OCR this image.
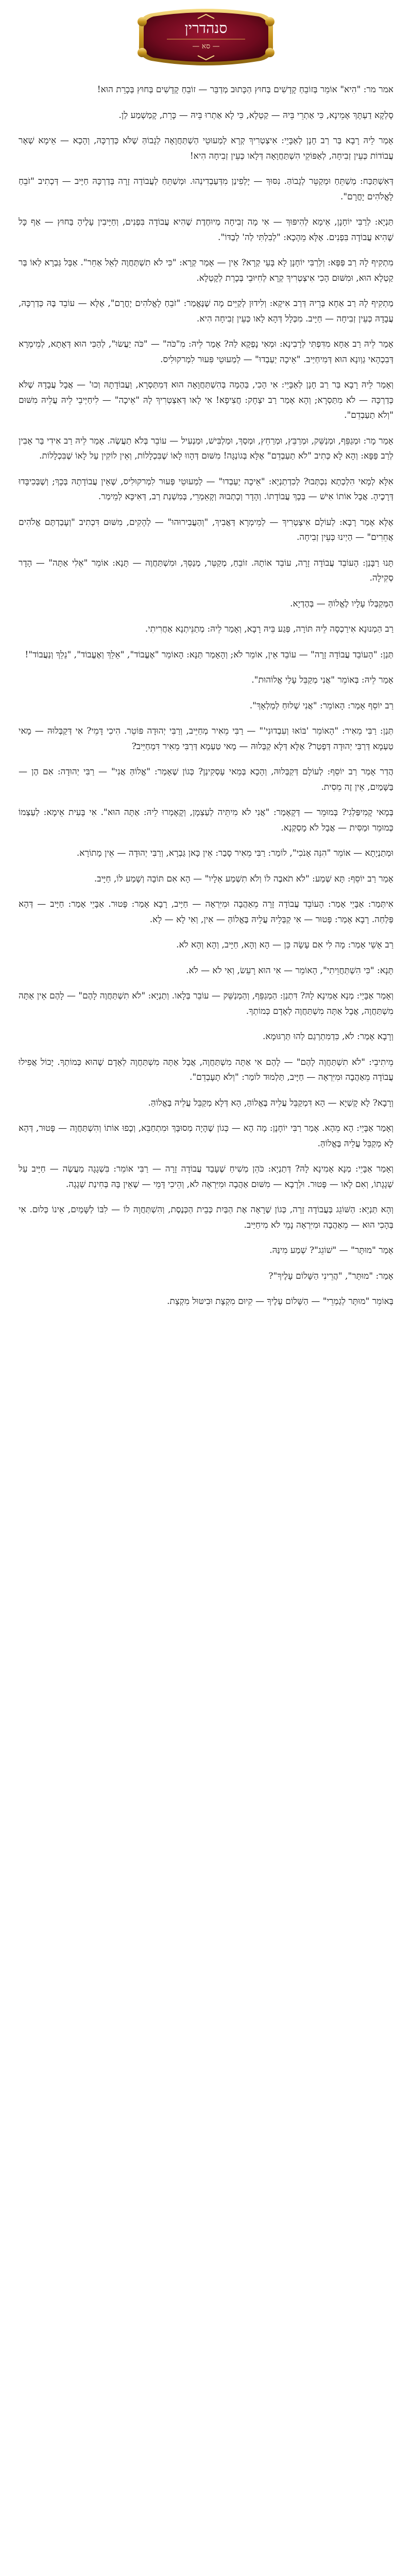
סנהדרין
— סא —

אמר מר: "הִיא" אוֹמֵר בְּזוֹבֵחַ קָדָשִׁים בְּחוּץ הַכָּתוּב מְדַבֵּר — זוֹבֵחַ קָדָשִׁים בְּחוּץ בְּכָרֵת הוּא!

סָלְקָא דַעְתָּךְ אָמֵינָא, כִּי אַתְרֵי בֵּיהּ — קַטְלָא, כִּי לָא אַתְרוּ בֵּיהּ — כָּרֵת, קָמַשְׁמַע לַן.

אָמַר לֵיהּ רָבָא בַּר רַב חָנָן לְאַבָּיֵי: אִיצְטְרִיךְ קְרָא לְמַעוּטֵי הַשְׁתַּחֲוָאָה לְגָבוֹהַּ שֶׁלֹּא כְּדַרְכָּהּ, וְהָכָא — אֵימָא שְׁאָר עֲבוֹדוֹת כְּעֵין זְבִיחָה, לְאַפּוֹקֵי הִשְׁתַּחֲוָאָה דְּלָאו כְּעֵין זְבִיחָה הִיא!

דְּאִשְׁתַּכַּח: מְשַׁתֵּחַ וּמְקַטֵּר לְגָבוֹהַּ. נִסּוּךְ — יָלְפִינַן מִדְּעַבְדִינְהוּ. וּמְשַׁתֵּחַ לְעֲבוֹדָה זָרָה בְּדַרְכָּהּ חַיָּיב — דְּכְתִיב "זֹבֵחַ לָאֱלֹהִים יָחֳרָם".

תַּנְיָא: לְרַבִּי יוֹחָנָן, אֵימָא לְהִיפּוּךְ — אִי מָה זְבִיחָה מְיוּחֶדֶת שֶׁהִיא עֲבוֹדָה בִּפְנִים, וְחַיָּיבִין עָלֶיהָ בַּחוּץ — אַף כָּל שֶׁהִיא עֲבוֹדָה בִּפְנִים. אֶלָּא מֵהָכָא: "לְבִלְתִּי לַה' לְבַדּוֹ".

מִתְקִיף לָהּ רַב פַּפָּא: וְלַרַבִּי יוֹחָנָן לָא בָּעֵי קְרָא? אֵין — אָמַר קְרָא: "כִּי לֹא תִשְׁתַּחֲוֶה לְאֵל אַחֵר". אַבָּל גַּבְרָא לְאוֹ בַּר קַטְלָא הוּא, וּמִשּׁוּם הָכִי אִיצְטְרִיךְ קְרָא לְחִיּוּבֵי בְּכָרֵת לְקָטְלָא.

מַתְקִיף לָהּ רַב אַחָא בְּרֵיהּ דְּרַב אִיקָא: וְלִידוּן לְקַיֵּים מָה שֶׁנֶּאֱמַר: "זֹבֵחַ לָאֱלֹהִים יָחֳרָם", אֶלָּא — עוֹבֵד בֶּהּ כְּדַרְכָּהּ, עֲבָדָהּ כְּעֵין זְבִיחָה — חַיָּיב. מִכְּלָל דְּהָא לָאו כְּעֵין זְבִיחָה הִיא.

אָמַר לֵיהּ רַב אַחָא מִדִּפְתִּי לְרָבִינָא: וּמְאִי נָפְקָא לַהּ? אָמַר לֵיהּ: מִ"כֹּה" — "כֹּה יַעֲשׂוּ", לְהַכִּי הוּא דְּאָתָא, לְמֵימְרָא דְּבִכְהָאי גַוְונָא הוּא דְּמִיחַיַּיב. "אֵיכָה יַעַבְדוּ" — לְמַעוּטֵי פִּעוּר לִמְרקוּלִיס.

וְאָמַר לֵיהּ רָבָא בַּר רַב חָנָן לְאַבָּיֵי: אִי הָכִי, בַּהֶמָה בְּהִשְׁתַּחֲוָאָה הוּא דְּמִתַּסְרָא, וַעֲבוֹדָתָהּ וְכוּ' — אֲבָל עֲבָדָהּ שֶׁלֹּא כְּדַרְכָּהּ — לֹא מִתַּסְרָא; וְהָא אָמַר רַב יִצְחָק: חֲצִיפָא! אִי לָאו דְּאִצְטְרִיךְ לָהּ "אֵיכָה" — לִיחַיְּיבֵי לֵיהּ עֲלֵיהּ מִשּׁוּם "וְלֹא תַעַבְדֵם".

אָמַר מָר: וּמְגַפֵּף, וּמְנַשֵּׁק, וּמְרַבֵּץ, וּמְרַחֵץ, וּמְסַךְ, וּמַלְבִּישׁ, וּמַנְעִיל — עוֹבֵר בְּלֹא תַעֲשֶׂה. אָמַר לֵיהּ רַב אִידִי בַּר אָבִין לְרַב פַּפָּא: וְהָא לָא כְּתִיב "לֹא תַעַבְדֵם" אֶלָּא בְּגוֹנְגָּה! מִשּׁוּם דְּהָווּ לָאוֹ שֶׁבִּכְלָלוֹת, וְאֵין לוֹקִין עַל לָאוֹ שֶׁבִּכְלָלוֹת.

אִלָּא לְמָאי הִלְכְתָא נִכְתְּבוּ? לְכִדְתַנְיָא: "אֵיכָה יַעַבְדוּ" — לְמַעוּטֵי פְּעוּר לִמְרקוּלִיס, שֶׁאֵין עֲבוֹדָתָהּ בְּכָךְ; וְשֶׁבְּכִיבָּדוּ דְּרָכֶיהָ. אֲבָל אוֹתוֹ אִישׁ — בְּכָךְ עֲבוֹדָתוֹ. וְהָדָר וְכָתְבוּהּ וְקָאֵמְרֵי, בְּמִשְׁנַת רַב, דְּאִיכָּא לְמֵימַר.

אֶלָּא אָמַר רָבָא: לְעוֹלָם אִיצְטְרִיךְ — לְמֵימְרָא דַּאֲבִיךְ, "וְהַעֲבִירוּהוּ" — לְהָקִים, מִשּׁוּם דִּכְתִיב "וְעָבַדְתֶּם אֱלֹהִים אֲחֵרִים" — הַיְינוּ כְּעֵין זְבִיחָה.

תָּנוּ רַבָּנַן: הָעוֹבֵד עֲבוֹדָה זָרָה, עוֹבֵד אוֹתָהּ. זוֹבֵחַ, מְקַטֵּר, מְנַסֵּךְ, וּמִשְׁתַּחֲוֶה — תָּנָא: אוֹמֵר "אֵלִי אַתָּה" — הָדָר סְקִילָה.

הַמְּקַבְּלוֹ עָלָיו לֶאֱלוֹהַּ — בְּהֶדְיָא.

רַב הַמְנוּנָא אִירַכְסָה לֵיהּ תּוֹרָה, פְּגַע בֵּיהּ רָבָא, וְאָמַר לֵיהּ: מְתַנֵּיתְנָא אַחֲרִיתִי.

תְּנַן: "הָעוֹבֵד עֲבוֹדָה זָרָה" — עוֹבֵד אֵין, אוֹמֵר לֹא; וְהָאָמַר תַּנָּא: הָאוֹמֵר "אֶעֱבוֹד", "אֵלֵךְ וְאֶעֱבוֹד", "נֵלֵךְ וְנַעֲבוֹד"!

אָמַר לֵיהּ: בְּאוֹמֵר "אֲנִי מְקַבֵּל עָלַי אֱלוֹהוּת".

רַב יוֹסֵף אָמַר: הָאוֹמֵר: "אֲנִי שְׁלוּחַ לְמַלְאָךְ".

תְּנַן: רַבִּי מֵאִיר: "הָאוֹמֵר 'בּוֹאוּ וְעִבְדוּנִי'" — רַבִּי מֵאִיר מְחַיֵּיב, וְרַבִּי יְהוּדָה פּוֹטֵר. הִיכִי דָּמֵי? אִי דְּקַבְּלוּהּ — מָאי טַעְמָא דְּרַבִּי יְהוּדָה דְּפָטַר? אֶלָּא דְּלָא קַבְּלוּהּ — מָאי טַעְמָא דְּרַבִּי מֵאִיר דִּמְחַיֵּיב?

הֲדַר אָמַר רַב יוֹסֵף: לְעוֹלָם דְּקַבְּלוּהּ, וְהָכָא בְּמֵאי עָסְקִינַן? כְּגוֹן שֶׁאָמַר: "אֱלוֹהַּ אֲנִי" — רַבִּי יְהוּדָה: אִם הֶן — בַּשָּׁמַיִם, אֵין זֶה מֵסִית.

בְּמָאי קָמִיפַּלְגִי? בְּמוּמֵר — דְּקָאָמַר: "אֲנִי לֹא מִיתֵּיה לְעַצְמָן, וְקָאָמְרוּ לֵיהּ: אַתָּה הוּא". אִי בָּעִית אֵימָא: לְעַצְמוֹ כְּמוּמֵר וּמַסִּית — אֲבָל לֹא מָסְקְנָא.

וּמְתַנְיָתָא — אוֹמֵר "הִנֵּה אָנֹכִי", לוֹמַר: רַבִּי מֵאִיר סָבַר: אֵין כָּאן גַּבְרָא, וְרַבִּי יְהוּדָה — אֵין מָתוֹרָא.

אָמַר רַב יוֹסֵף: תָּא שְׁמַע: "לֹא תֹאבֶה לוֹ וְלֹא תִשְׁמַע אֵלָיו" — הָא אִם תּוֹבָה וְשָׁמַע לוֹ, חַיָּיב.

אִיתְּמַר: אַבָּיֵי אָמַר: הָעוֹבֵד עֲבוֹדָה זָרָה מֵאַהֲבָה וּמִיִּרְאָה — חַיָּיב, רָבָא אָמַר: פָּטוּר. אַבָּיֵי אָמַר: חַיָּיב — דְּהָא פְּלַחַה. רָבָא אָמַר: פָּטוּר — אִי קַבְּלֵיהּ עֲלֵיהּ בֶּאֱלוֹהַּ — אִין, וְאִי לָא — לָא.

רַב אָשֵׁי אָמַר: מָה לִי אִם עָשָׂה כֵּן — הָא וְהָא, חַיָּיב, וְהָא וְהָא לֹא.

תָּנָא: "כִּי הִשְׁתַּחֲוֵיתִי", הָאוֹמֵר — אִי הוּא רָעֵשׂ, וְאִי לֹא — לֹא.

וְאָמַר אַבָּיֵי: מְנָא אָמִינָא לָהּ? דִּתְנַן: הַמְגַפֵּף, וְהַמְנַשֵּׁק — עוֹבֵר בְּלָאו. וְתַנְיָא: "לֹא תִשְׁתַּחֲוֶה לָהֶם" — לָהֶם אֵין אַתָּה מִשְׁתַּחֲוֶה, אֲבָל אַתָּה מִשְׁתַּחֲוֶה לְאָדָם כְּמוֹתְךָ.

וְרָבָא אָמַר: לֹא, כִּדְמִתְרְגַם לְהוּ תַּרְגּוּמָא.

מֵיתִיבֵי: "לֹא תִשְׁתַּחֲוֶה לָהֶם" — לָהֶם אִי אַתָּה מִשְׁתַּחֲוֶה, אֲבָל אַתָּה מִשְׁתַּחֲוֶה לְאָדָם שֶׁהוּא כְּמוֹתְךָ. יָכוֹל אֲפִילוּ עֲבוֹדָה מֵאַהֲבָה וּמִיִּרְאָה — חַיָּיב, תַּלְמוּד לוֹמַר: "וְלֹא תָעָבְדֵם".

וְרָבָא? לָא קָשְׁיָא — הָא דִּמְקַבֵּל עֲלֵיהּ בֶּאֱלוֹהַּ, הָא דְּלָא מְקַבֵּל עֲלֵיהּ בֶּאֱלוֹהַּ.

וְאָמַר אַבָּיֵי: הָא מֵהָא. אָמַר רַבִּי יוֹחָנָן: מָה הָא — כְּגוֹן שֶׁהָיָה מְסוּבָּךְ וּמִתְחַבֵּא, וְכָפוּ אוֹתוֹ וְהִשְׁתַּחֲוָה — פָּטוּר, דְּהָא לָא מְקַבֵּל עֲלֵיהּ בֶּאֱלוֹהַּ.

וְאָמַר אַבָּיֵי: מְנָא אָמִינָא לָהּ? דְּתַנְיָא: כֹּהֵן מְשִׁיחַ שֶׁעָבַד עֲבוֹדָה זָרָה — רַבִּי אוֹמֵר: בִּשְׁגָגָה מַעֲשֶׂה — חַיָּיב עַל שְׁגָגָתוֹ, וְאִם לָאו — פָּטוּר. וּלְרָבָא — מִשּׁוּם אַהֲבָה וּמִיִּרְאָה לֹא, וְהֵיכִי דָּמֵי — שֶׁאֵין בָּהּ בְּחִינַת שְׁגָגָה.

וְהָא תַּנְיָא: הַשּׁוֹגֵג בְּעֲבוֹדָה זָרָה, כְּגוֹן שֶׁרָאָה אֶת הַבַּיִת כְּבֵית הַכְּנֶסֶת, וְהִשְׁתַּחֲוָה לוֹ — לִבּוֹ לַשָּׁמַיִם, אֵינוֹ כְּלוּם. אִי בְּהָכִי הוּא — מֵאַהֲבָה וּמִיִּרְאָה נָמֵי לֹא מִיחַיַּיב.

אָמַר "מוּתָּר" — "שׁוֹגֵג"? שְׁמַע מִינַּהּ.

אָמַר: "מוּתָּר", "הֲרֵינִי הַשָּׁלוֹם עָלֶיךָ"?

בְּאוֹמֵר "מוּתָּר לְגַמְרֵי" — הַשָּׁלוֹם עָלֶיךָ — קִיוּם מִקְצָת וּבִיטּוּל מִקְצָת.
